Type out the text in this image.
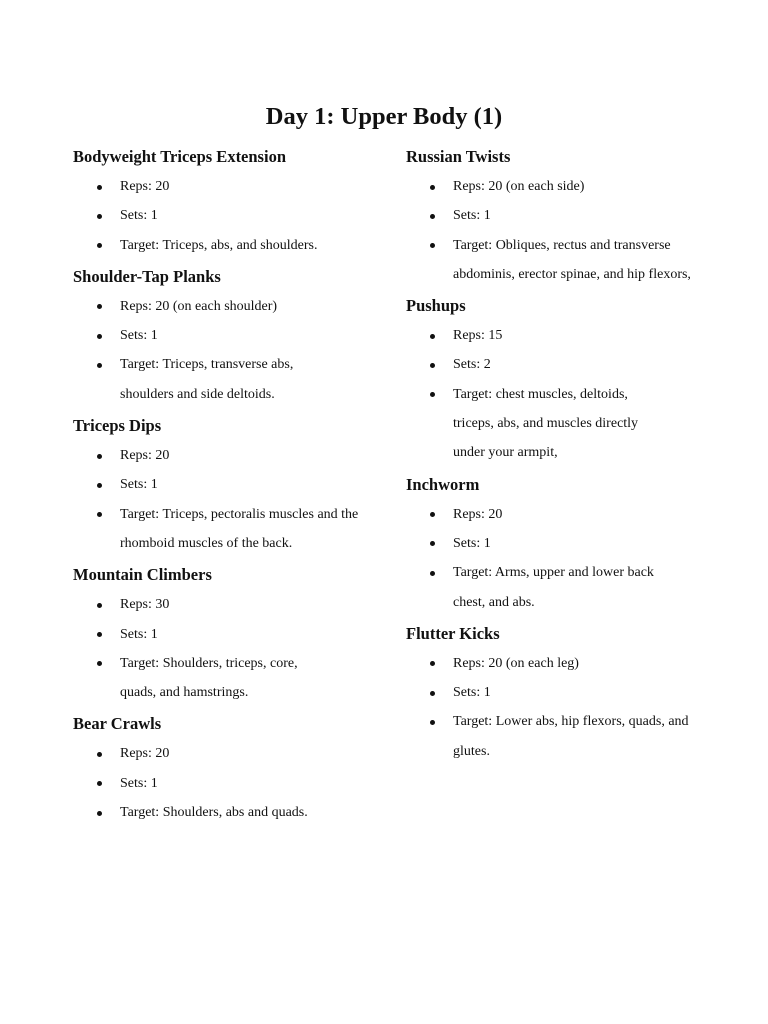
Day 1: Upper Body (1)
Bodyweight Triceps Extension
Reps: 20
Sets: 1
Target: Triceps, abs, and shoulders.
Shoulder-Tap Planks
Reps: 20 (on each shoulder)
Sets: 1
Target: Triceps, transverse abs, shoulders and side deltoids.
Triceps Dips
Reps: 20
Sets: 1
Target: Triceps, pectoralis muscles and the rhomboid muscles of the back.
Mountain Climbers
Reps: 30
Sets: 1
Target: Shoulders, triceps, core, quads, and hamstrings.
Bear Crawls
Reps: 20
Sets: 1
Target: Shoulders, abs and quads.
Russian Twists
Reps: 20 (on each side)
Sets: 1
Target: Obliques, rectus and transverse abdominis, erector spinae, and hip flexors,
Pushups
Reps: 15
Sets: 2
Target: chest muscles, deltoids, triceps, abs, and muscles directly under your armpit,
Inchworm
Reps: 20
Sets: 1
Target: Arms, upper and lower back chest, and abs.
Flutter Kicks
Reps: 20 (on each leg)
Sets: 1
Target: Lower abs, hip flexors, quads, and glutes.
